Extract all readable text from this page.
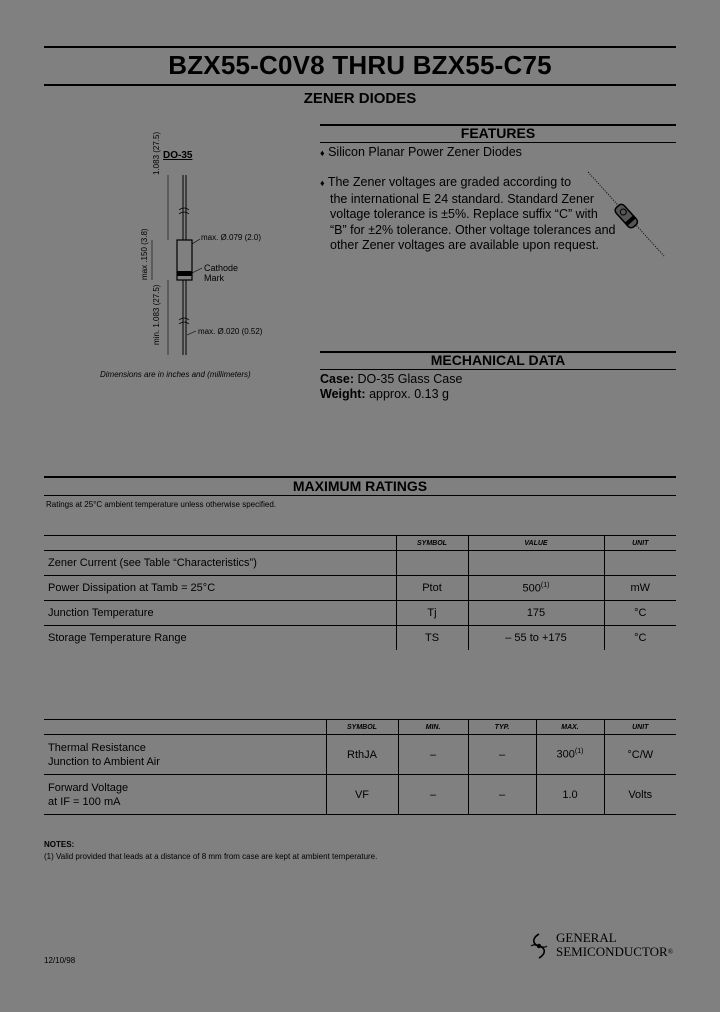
BZX55-C0V8 THRU BZX55-C75
ZENER DIODES
FEATURES
♦ Silicon Planar Power Zener Diodes
♦ The Zener voltages are graded according to
the international E 24 standard. Standard Zener
voltage tolerance is ±5%. Replace suffix “C” with
“B” for ±2% tolerance. Other voltage tolerances and
other Zener voltages are available upon request.
DO-35
1.083 (27.5)
max .150 (3.8)	max. Ø.079 (2.0)
Cathode
Mark
min. 1.083 (27.5)	max. Ø.020 (0.52)
Dimensions are in inches and (millimeters)
MECHANICAL DATA
Case: DO-35 Glass Case
Weight: approx. 0.13 g
MAXIMUM RATINGS
Ratings at 25°C ambient temperature unless otherwise specified.
	SYMBOL	VALUE	UNIT
Zener Current (see Table “Characteristics”)			
Power Dissipation at Tamb = 25°C	Ptot	500$^{(1)}$	mW
Junction Temperature	Tj	175	°C
Storage Temperature Range	TS	– 55 to +175	°C
	SYMBOL	MIN.	TYP.	MAX.	UNIT

Thermal Resistance
Junction to Ambient Air	RthJA	–	–	300$^{(1)}$	°C/W

Forward Voltage
at IF = 100 mA	VF	–	–	1.0	Volts
NOTES:
(1) Valid provided that leads at a distance of 8 mm from case are kept at ambient temperature.
12/10/98
GENERAL
SEMICONDUCTOR®
